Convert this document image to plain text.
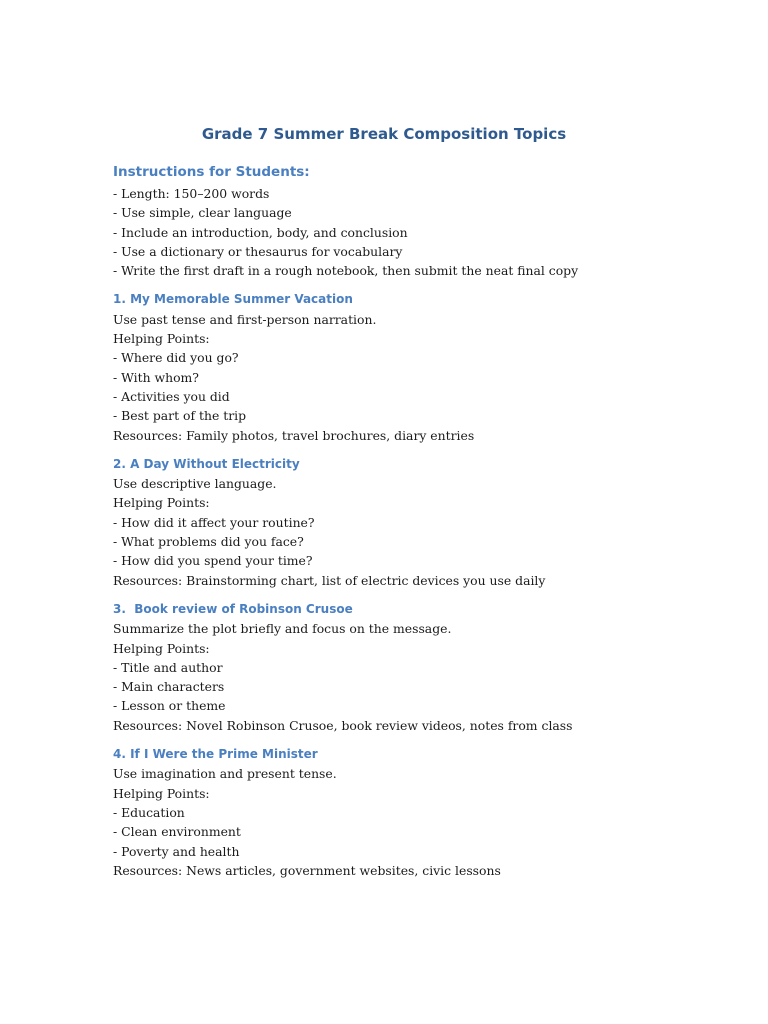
Grade 7 Summer Break Composition Topics
Instructions for Students:
- Length: 150–200 words
- Use simple, clear language
- Include an introduction, body, and conclusion
- Use a dictionary or thesaurus for vocabulary
- Write the first draft in a rough notebook, then submit the neat final copy
1. My Memorable Summer Vacation
Use past tense and first-person narration.
Helping Points:
- Where did you go?
- With whom?
- Activities you did
- Best part of the trip
Resources: Family photos, travel brochures, diary entries
2. A Day Without Electricity
Use descriptive language.
Helping Points:
- How did it affect your routine?
- What problems did you face?
- How did you spend your time?
Resources: Brainstorming chart, list of electric devices you use daily
3.  Book review of Robinson Crusoe
Summarize the plot briefly and focus on the message.
Helping Points:
- Title and author
- Main characters
- Lesson or theme
Resources: Novel Robinson Crusoe, book review videos, notes from class
4. If I Were the Prime Minister
Use imagination and present tense.
Helping Points:
- Education
- Clean environment
- Poverty and health
Resources: News articles, government websites, civic lessons
